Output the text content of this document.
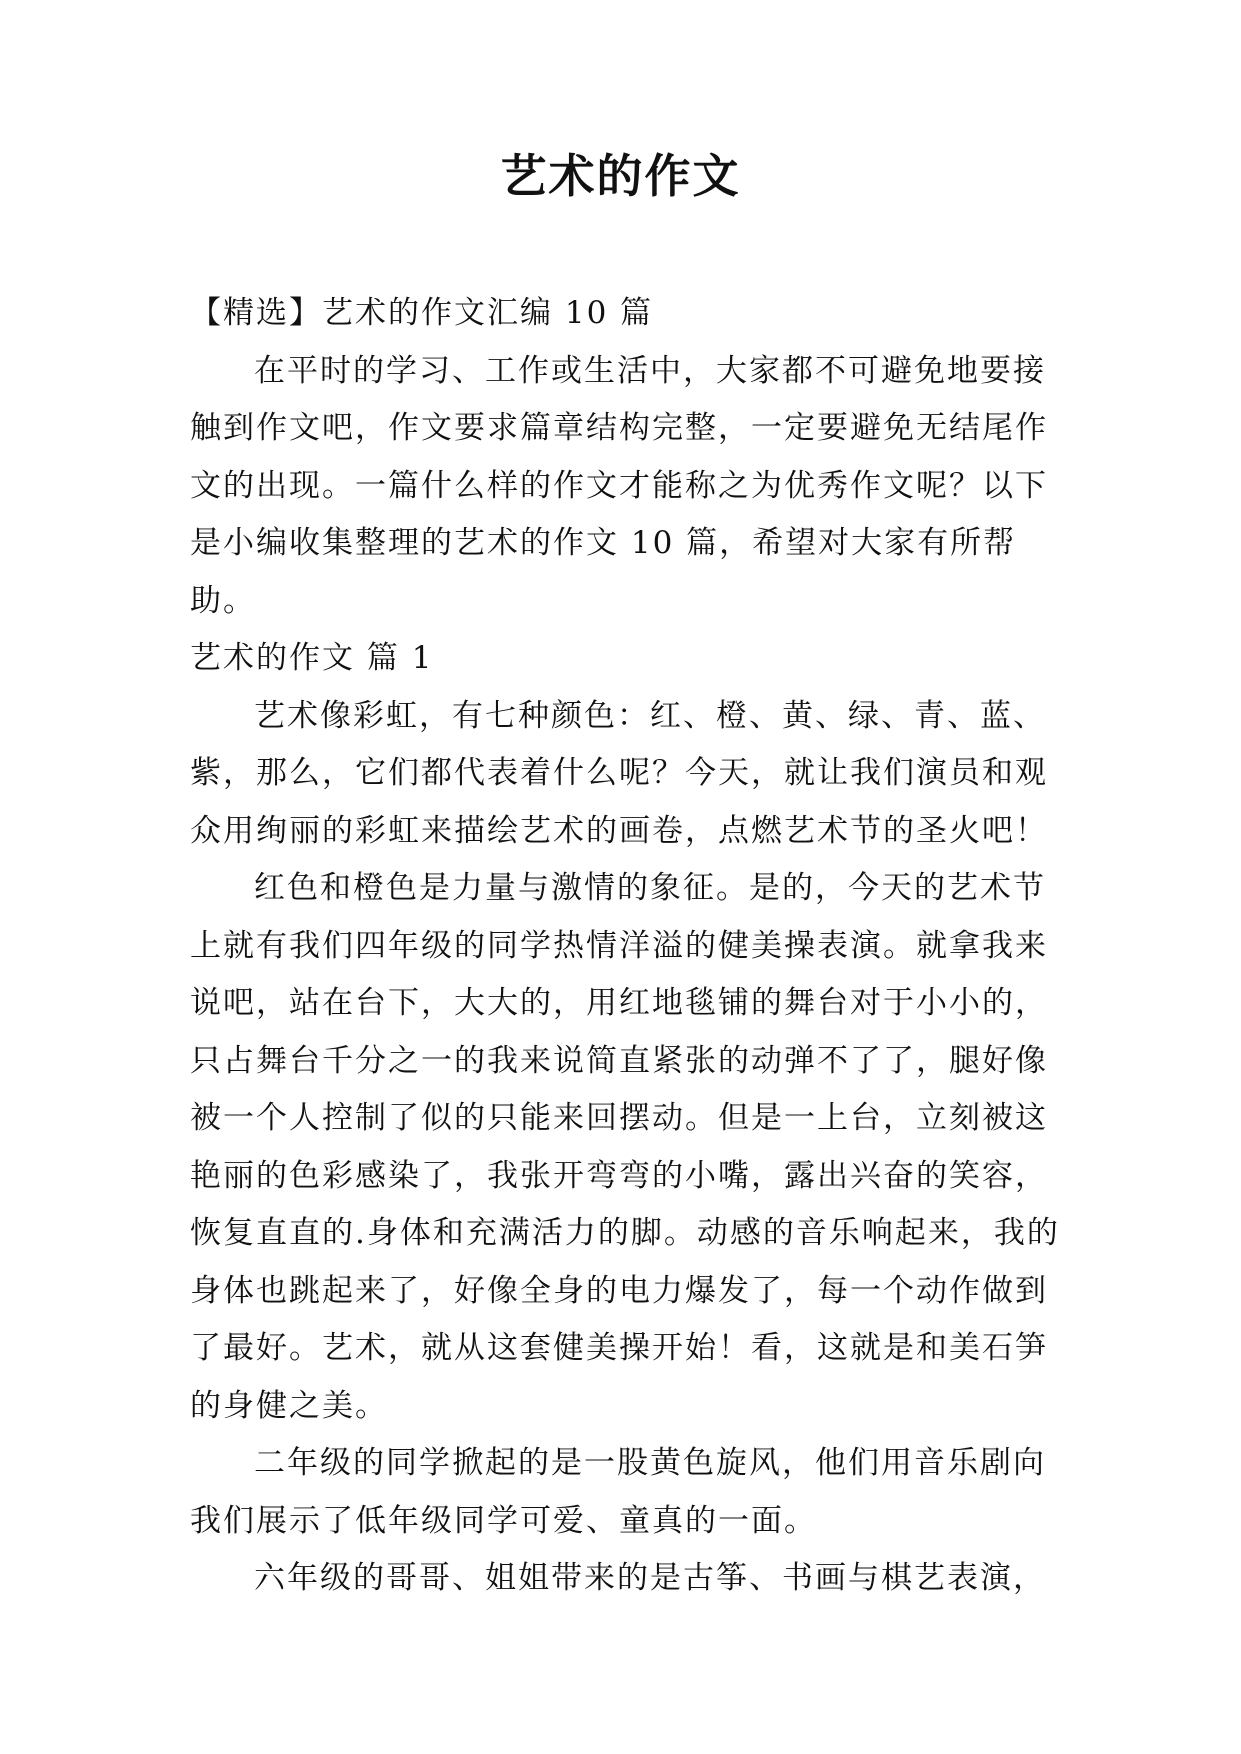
艺术的作文

【精选】艺术的作文汇编 10 篇

在平时的学习、工作或生活中，大家都不可避免地要接触到作文吧，作文要求篇章结构完整，一定要避免无结尾作文的出现。一篇什么样的作文才能称之为优秀作文呢？以下是小编收集整理的艺术的作文 10 篇，希望对大家有所帮助。

艺术的作文 篇 1

艺术像彩虹，有七种颜色：红、橙、黄、绿、青、蓝、紫，那么，它们都代表着什么呢？今天，就让我们演员和观众用绚丽的彩虹来描绘艺术的画卷，点燃艺术节的圣火吧！

红色和橙色是力量与激情的象征。是的，今天的艺术节上就有我们四年级的同学热情洋溢的健美操表演。就拿我来说吧，站在台下，大大的，用红地毯铺的舞台对于小小的，只占舞台千分之一的我来说简直紧张的动弹不了了，腿好像被一个人控制了似的只能来回摆动。但是一上台，立刻被这艳丽的色彩感染了，我张开弯弯的小嘴，露出兴奋的笑容，恢复直直的.身体和充满活力的脚。动感的音乐响起来，我的身体也跳起来了，好像全身的电力爆发了，每一个动作做到了最好。艺术，就从这套健美操开始！看，这就是和美石笋的身健之美。

二年级的同学掀起的是一股黄色旋风，他们用音乐剧向我们展示了低年级同学可爱、童真的一面。

六年级的哥哥、姐姐带来的是古筝、书画与棋艺表演，
